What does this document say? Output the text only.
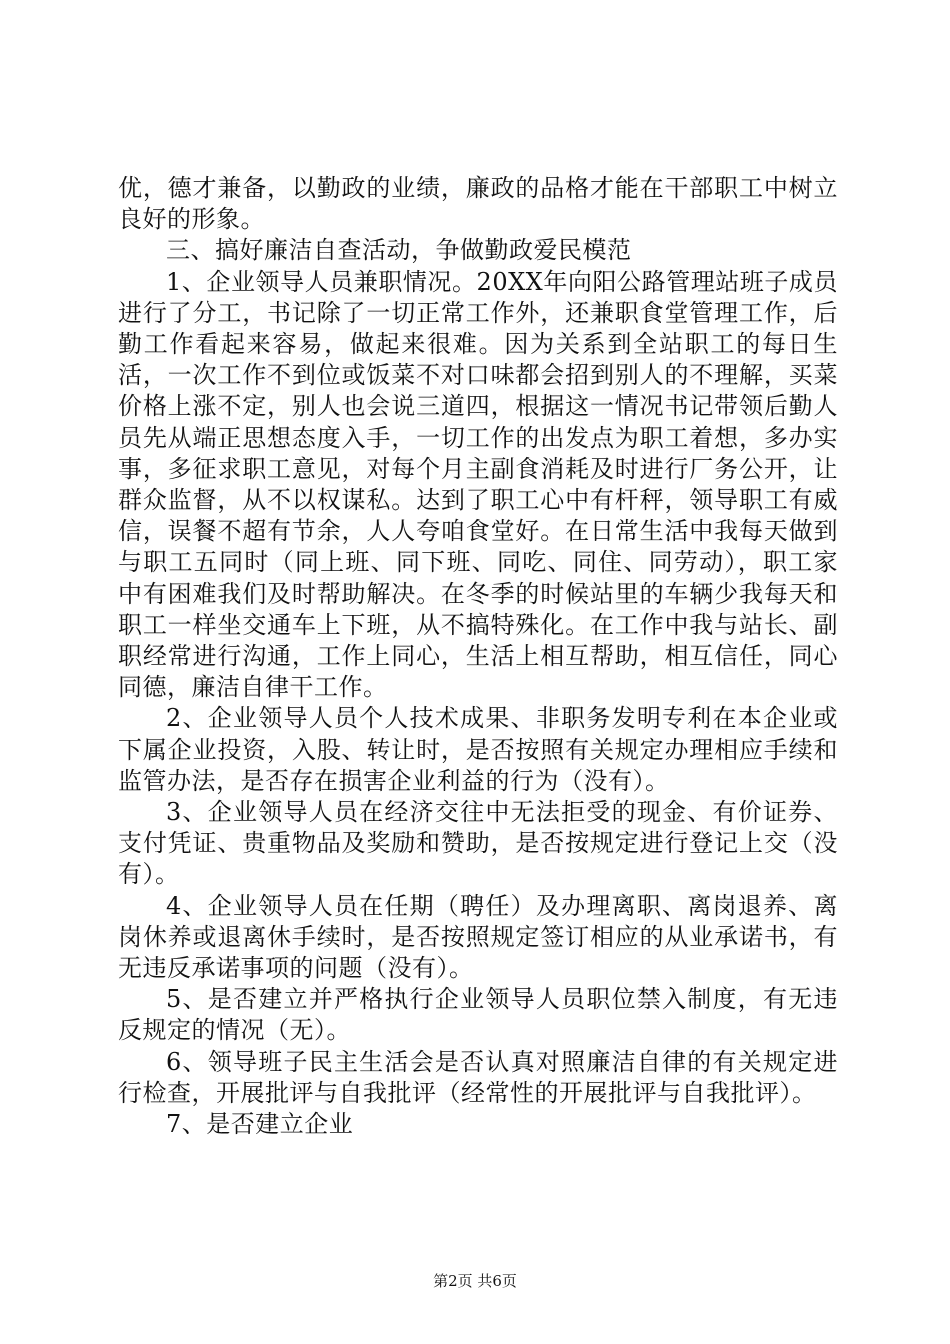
优，德才兼备，以勤政的业绩，廉政的品格才能在干部职工中树立良好的形象。

三、搞好廉洁自查活动，争做勤政爱民模范

1、企业领导人员兼职情况。20XX年向阳公路管理站班子成员进行了分工，书记除了一切正常工作外，还兼职食堂管理工作，后勤工作看起来容易，做起来很难。因为关系到全站职工的每日生活，一次工作不到位或饭菜不对口味都会招到别人的不理解，买菜价格上涨不定，别人也会说三道四，根据这一情况书记带领后勤人员先从端正思想态度入手，一切工作的出发点为职工着想，多办实事，多征求职工意见，对每个月主副食消耗及时进行厂务公开，让群众监督，从不以权谋私。达到了职工心中有杆秤，领导职工有威信，误餐不超有节余，人人夸咱食堂好。在日常生活中我每天做到与职工五同时（同上班、同下班、同吃、同住、同劳动），职工家中有困难我们及时帮助解决。在冬季的时候站里的车辆少我每天和职工一样坐交通车上下班，从不搞特殊化。在工作中我与站长、副职经常进行沟通，工作上同心，生活上相互帮助，相互信任，同心同德，廉洁自律干工作。

2、企业领导人员个人技术成果、非职务发明专利在本企业或下属企业投资，入股、转让时，是否按照有关规定办理相应手续和监管办法，是否存在损害企业利益的行为（没有）。

3、企业领导人员在经济交往中无法拒受的现金、有价证券、支付凭证、贵重物品及奖励和赞助，是否按规定进行登记上交（没有）。

4、企业领导人员在任期（聘任）及办理离职、离岗退养、离岗休养或退离休手续时，是否按照规定签订相应的从业承诺书，有无违反承诺事项的问题（没有）。

5、是否建立并严格执行企业领导人员职位禁入制度，有无违反规定的情况（无）。

6、领导班子民主生活会是否认真对照廉洁自律的有关规定进行检查，开展批评与自我批评（经常性的开展批评与自我批评）。

7、是否建立企业

第2页 共6页
